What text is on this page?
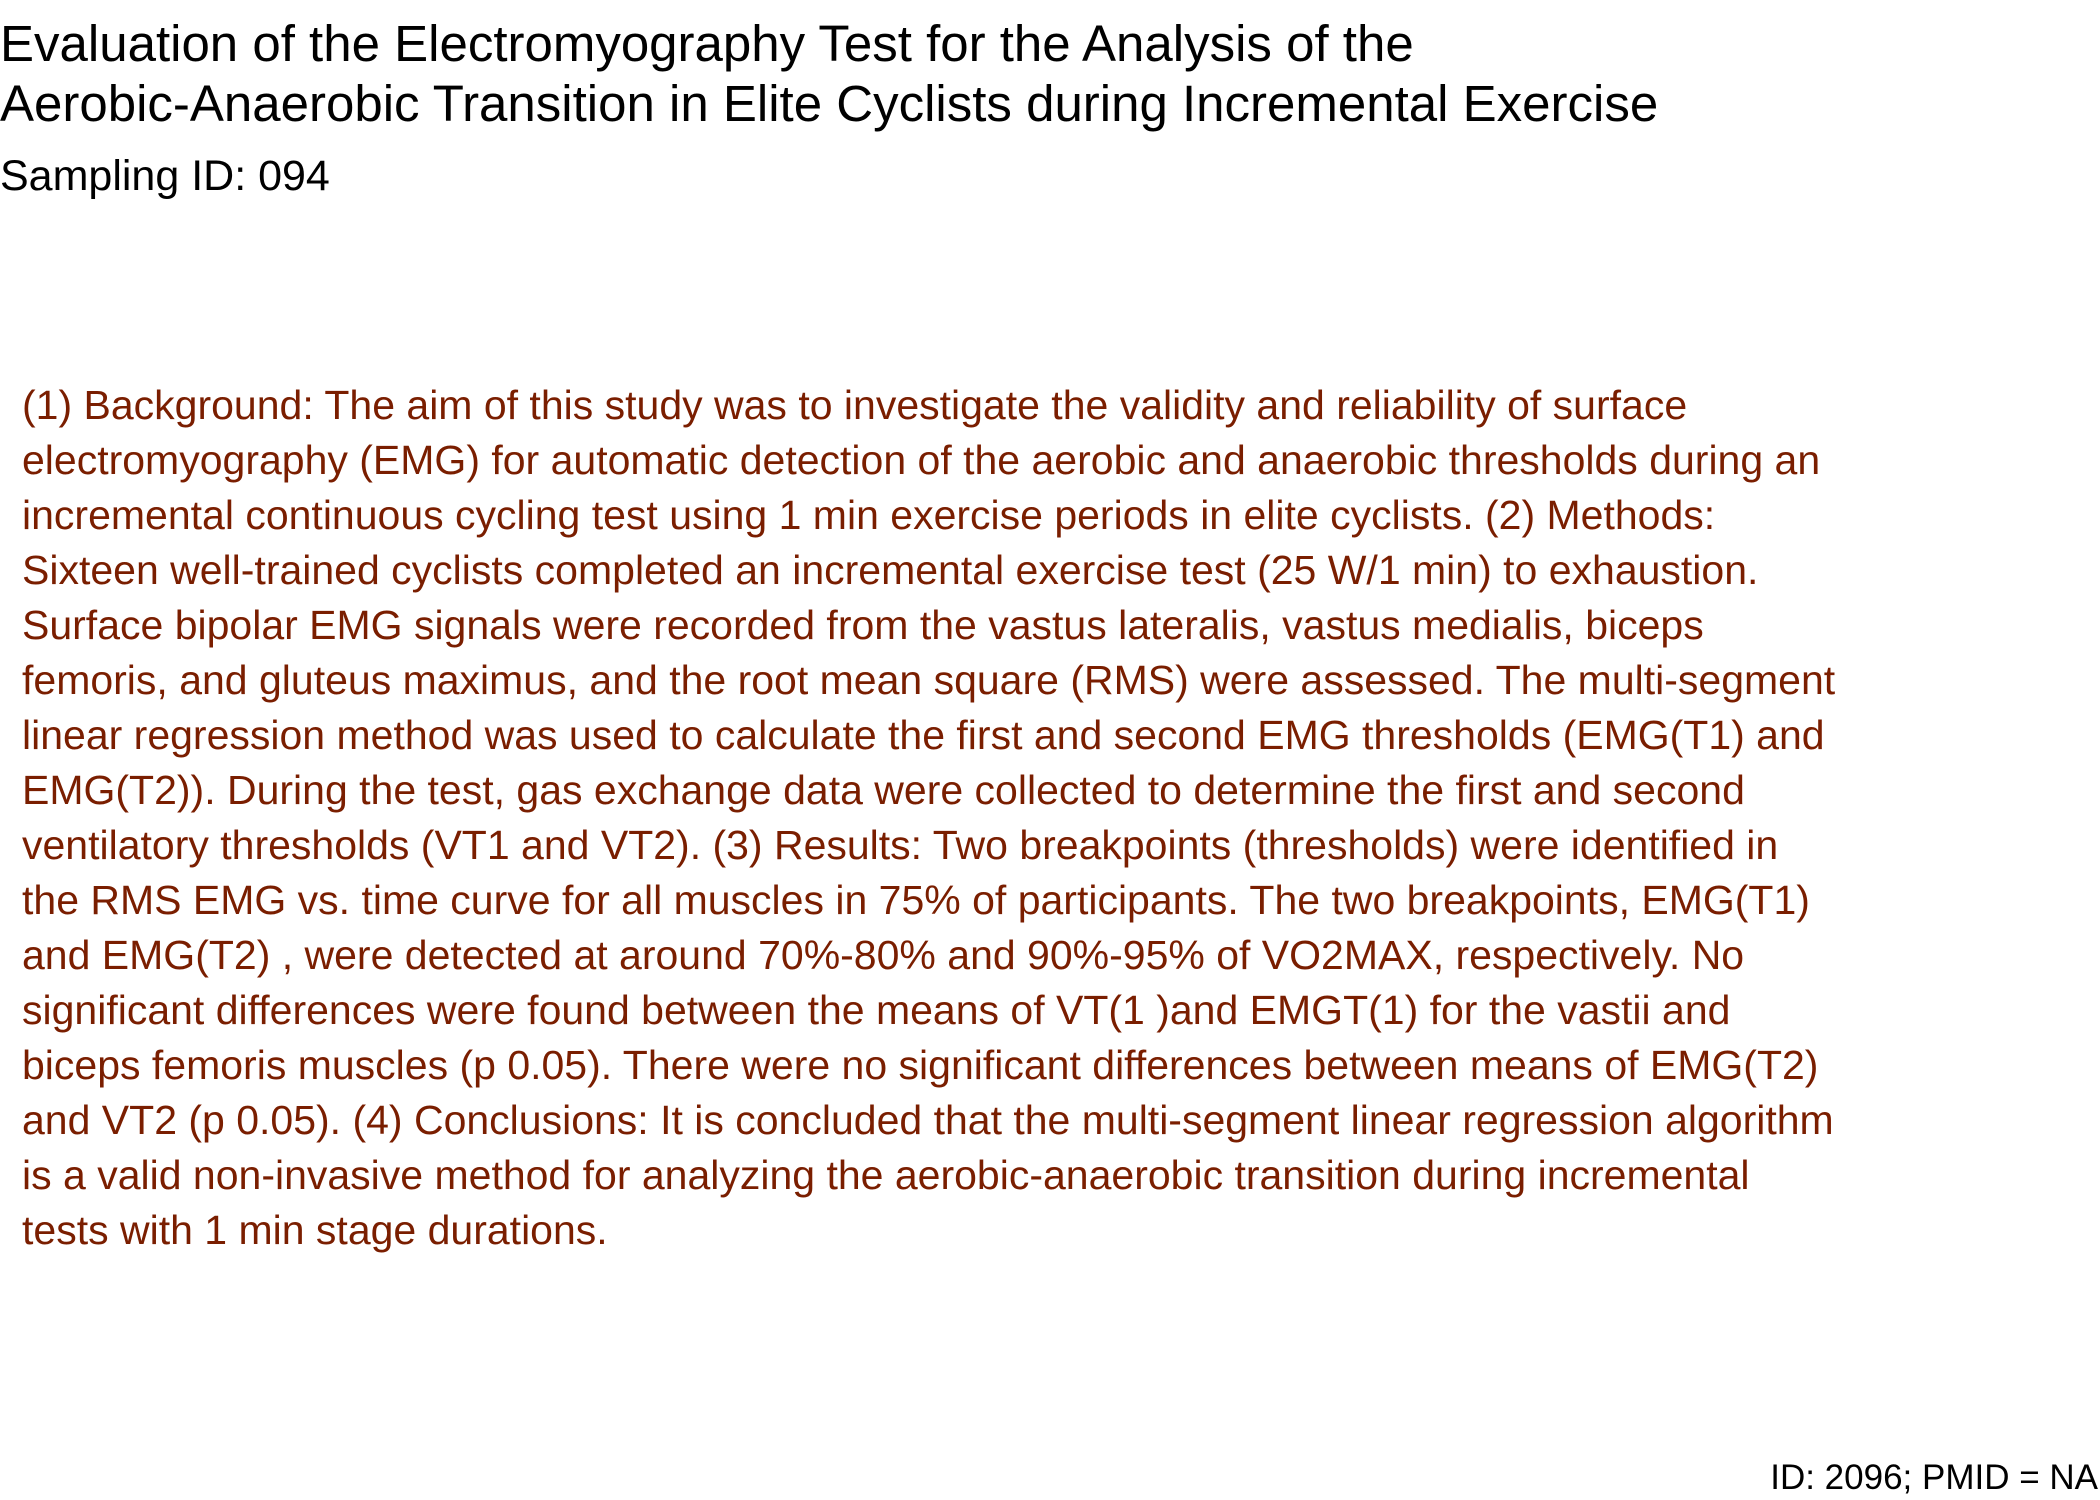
Evaluation of the Electromyography Test for the Analysis of the
Aerobic-Anaerobic Transition in Elite Cyclists during Incremental Exercise
Sampling ID: 094
(1) Background: The aim of this study was to investigate the validity and reliability of surface
electromyography (EMG) for automatic detection of the aerobic and anaerobic thresholds during an
incremental continuous cycling test using 1 min exercise periods in elite cyclists. (2) Methods:
Sixteen well-trained cyclists completed an incremental exercise test (25 W/1 min) to exhaustion.
Surface bipolar EMG signals were recorded from the vastus lateralis, vastus medialis, biceps
femoris, and gluteus maximus, and the root mean square (RMS) were assessed. The multi-segment
linear regression method was used to calculate the first and second EMG thresholds (EMG(T1) and
EMG(T2)). During the test, gas exchange data were collected to determine the first and second
ventilatory thresholds (VT1 and VT2). (3) Results: Two breakpoints (thresholds) were identified in
the RMS EMG vs. time curve for all muscles in 75% of participants. The two breakpoints, EMG(T1)
and EMG(T2) , were detected at around 70%-80% and 90%-95% of VO2MAX, respectively. No
significant differences were found between the means of VT(1 )and EMGT(1) for the vastii and
biceps femoris muscles (p 0.05). There were no significant differences between means of EMG(T2)
and VT2 (p 0.05). (4) Conclusions: It is concluded that the multi-segment linear regression algorithm
is a valid non-invasive method for analyzing the aerobic-anaerobic transition during incremental
tests with 1 min stage durations.
ID: 2096; PMID = NA
